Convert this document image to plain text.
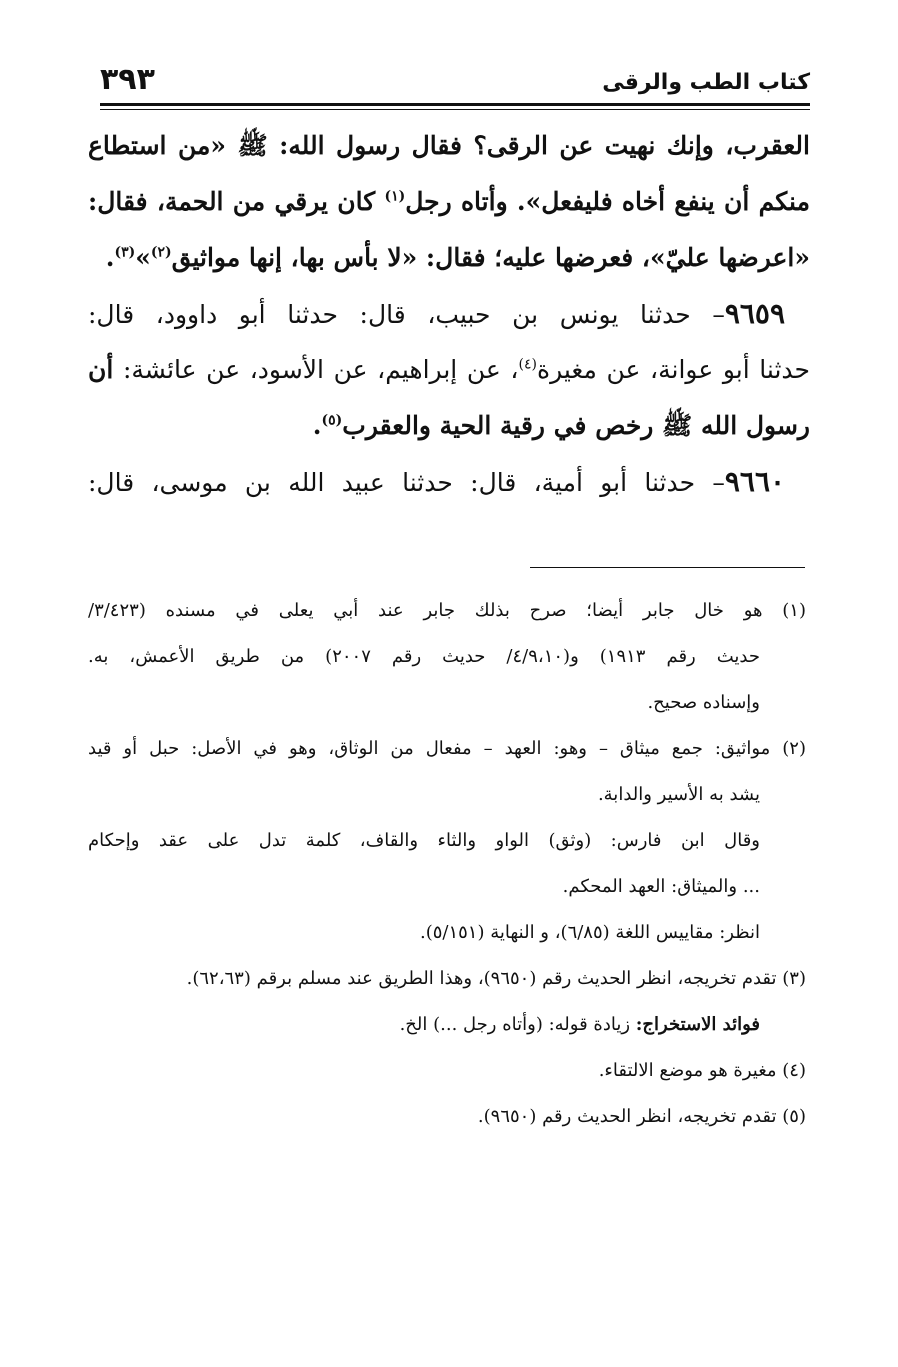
كتاب الطب والرقى
٣٩٣
العقرب، وإنك نهيت عن الرقى؟ فقال رسول الله: ﷺ «من استطاع
منكم أن ينفع أخاه فليفعل». وأتاه رجل$^{(١)}$ كان يرقي من الحمة، فقال:
«اعرضها عليّ»، فعرضها عليه؛ فقال: «لا بأس بها، إنها مواثيق$^{(٢)}$»$^{(٣)}$.
 ٩٦٥٩– حدثنا يونس بن حبيب، قال: حدثنا أبو داوود، قال:
حدثنا أبو عوانة، عن مغيرة$^{(٤)}$، عن إبراهيم، عن الأسود، عن عائشة: أن
رسول الله ﷺ رخص في رقية الحية والعقرب$^{(٥)}$.
 ٩٦٦٠– حدثنا أبو أمية، قال: حدثنا عبيد الله بن موسى، قال:
(١) هو خال جابر أيضا؛ صرح بذلك جابر عند أبي يعلى في مسنده (٣/٤٢٣/
حديث رقم ١٩١٣) و(٤/٩،١٠/ حديث رقم ٢٠٠٧) من طريق الأعمش، به.
وإسناده صحيح.
(٢) مواثيق: جمع ميثاق – وهو: العهد – مفعال من الوثاق، وهو في الأصل: حبل أو قيد
يشد به الأسير والدابة.
وقال ابن فارس: (وثق) الواو والثاء والقاف، كلمة تدل على عقد وإحكام
... والميثاق: العهد المحكم.
انظر: مقاييس اللغة (٦/٨٥)، و النهاية (٥/١٥١).
(٣) تقدم تخريجه، انظر الحديث رقم (٩٦٥٠)، وهذا الطريق عند مسلم برقم (٦٢،٦٣).
فوائد الاستخراج: زيادة قوله: (وأتاه رجل ...) الخ.
(٤) مغيرة هو موضع الالتقاء.
(٥) تقدم تخريجه، انظر الحديث رقم (٩٦٥٠).
